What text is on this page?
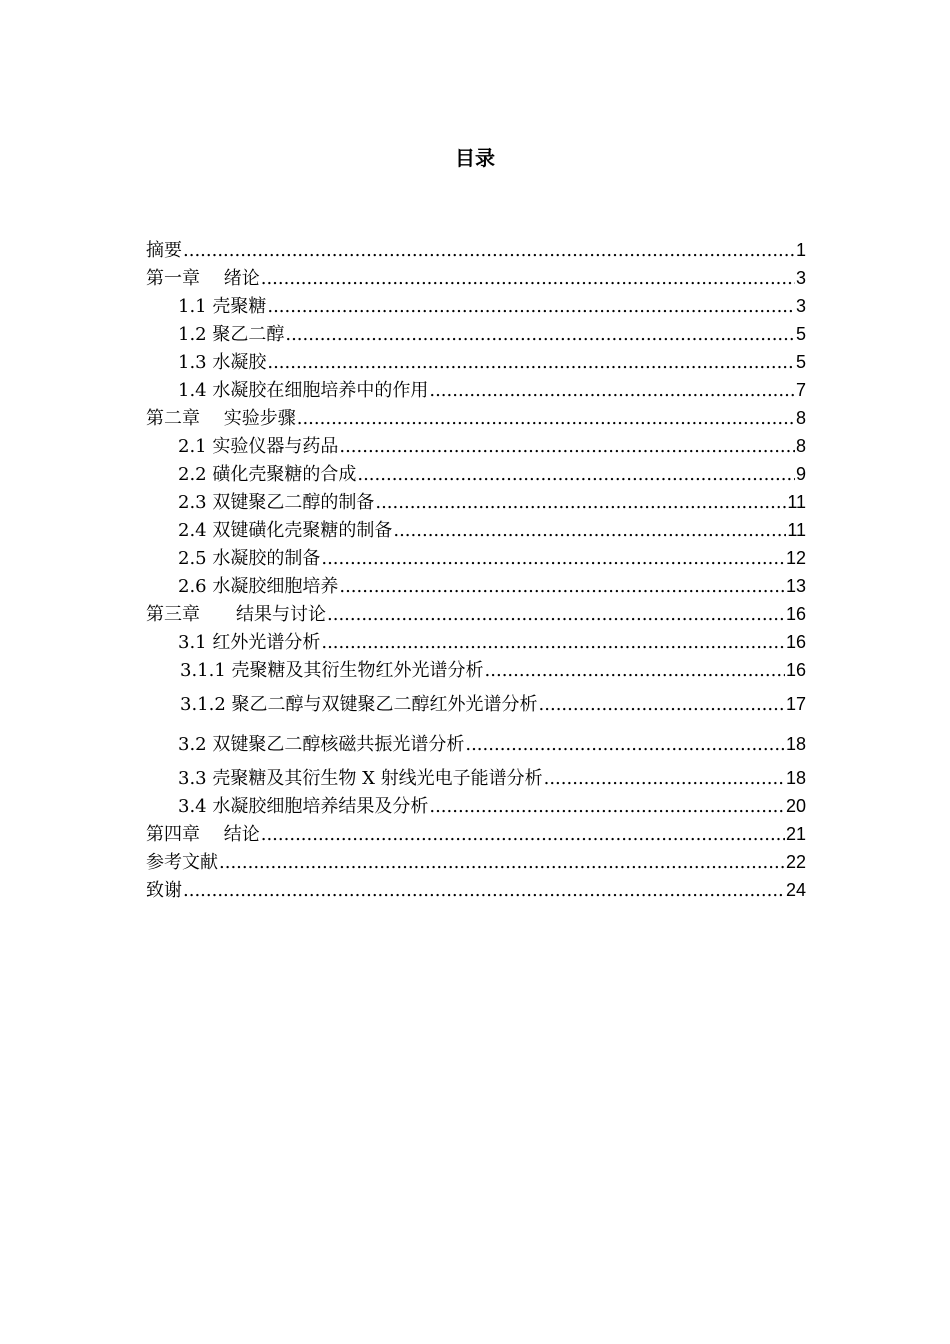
目录
摘要 .....	1
第一章　 绪论 .....	3
1.1 壳聚糖 .....	3
1.2 聚乙二醇 .....	5
1.3 水凝胶 .....	5
1.4 水凝胶在细胞培养中的作用 .....	7
第二章　 实验步骤 .....	8
2.1 实验仪器与药品 .....	8
2.2 磺化壳聚糖的合成 .....	9
2.3 双键聚乙二醇的制备 .....	11
2.4 双键磺化壳聚糖的制备 .....	11
2.5 水凝胶的制备 .....	12
2.6 水凝胶细胞培养 .....	13
第三章　　结果与讨论 .....	16
3.1 红外光谱分析 .....	16
3.1.1 壳聚糖及其衍生物红外光谱分析 .....	16
3.1.2 聚乙二醇与双键聚乙二醇红外光谱分析 .....	17
3.2 双键聚乙二醇核磁共振光谱分析 .....	18
3.3 壳聚糖及其衍生物 X 射线光电子能谱分析 .....	18
3.4 水凝胶细胞培养结果及分析 .....	20
第四章　 结论 .....	21
参考文献 .....	22
致谢 .....	24
